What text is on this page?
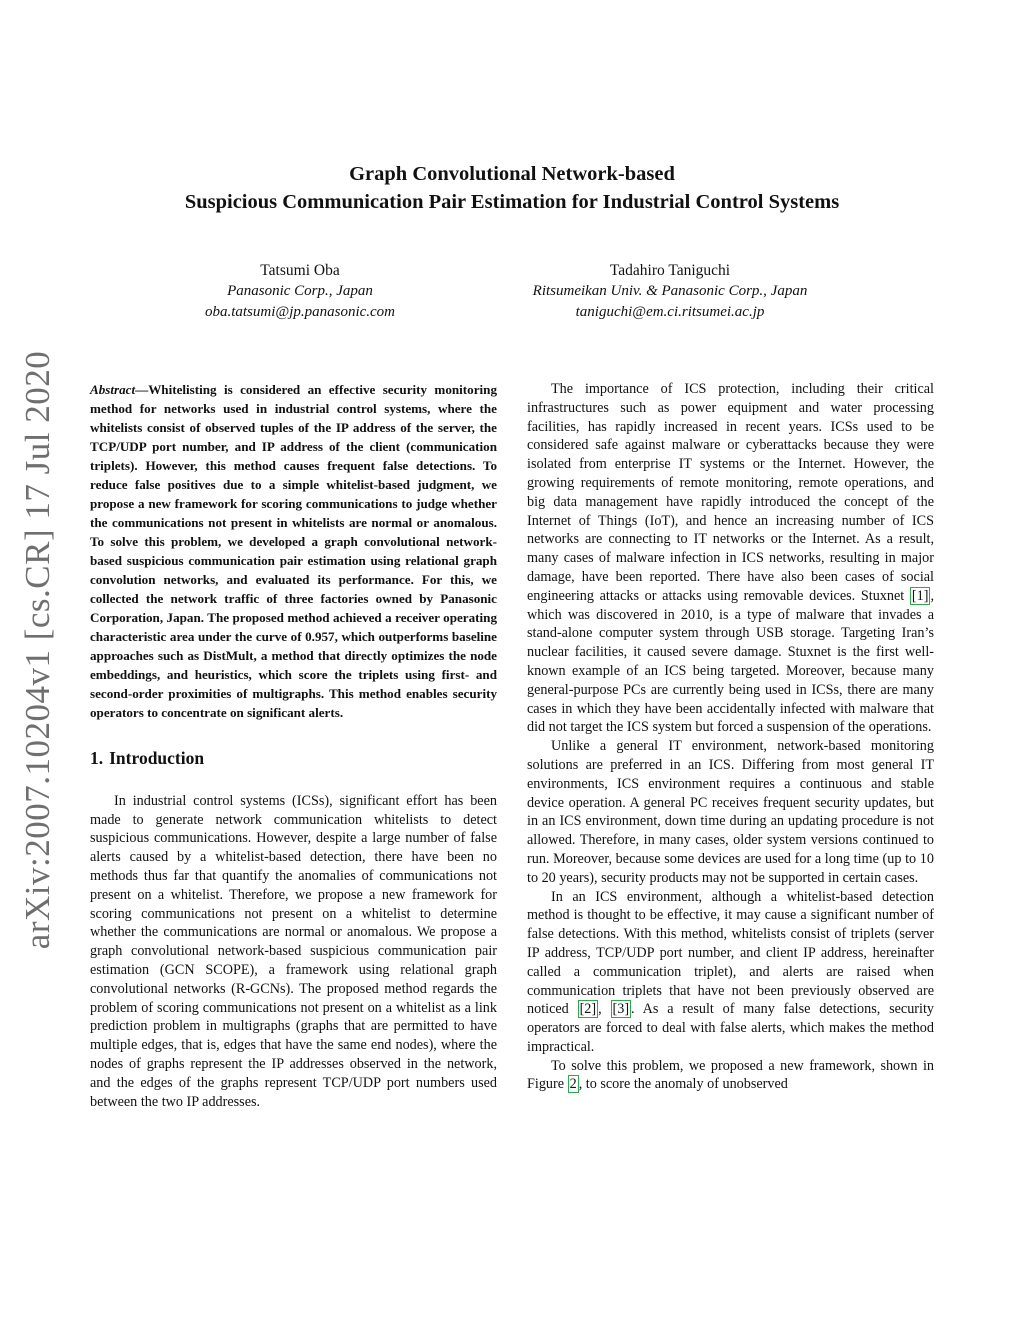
Graph Convolutional Network-based
Suspicious Communication Pair Estimation for Industrial Control Systems
Tatsumi Oba
Panasonic Corp., Japan
oba.tatsumi@jp.panasonic.com
Tadahiro Taniguchi
Ritsumeikan Univ. & Panasonic Corp., Japan
taniguchi@em.ci.ritsumei.ac.jp
arXiv:2007.10204v1 [cs.CR] 17 Jul 2020	Abstract—Whitelisting is considered an effective security monitoring method for networks used in industrial control systems, where the whitelists consist of observed tuples of the IP address of the server, the TCP/UDP port number, and IP address of the client (communication triplets). However, this method causes frequent false detections. To reduce false positives due to a simple whitelist-based judgment, we propose a new framework for scoring communications to judge whether the communications not present in whitelists are normal or anomalous. To solve this problem, we developed a graph convolutional network-based suspicious communication pair estimation using relational graph convolution networks, and evaluated its performance. For this, we collected the network traffic of three factories owned by Panasonic Corporation, Japan. The proposed method achieved a receiver operating characteristic area under the curve of 0.957, which outperforms baseline approaches such as DistMult, a method that directly optimizes the node embeddings, and heuristics, which score the triplets using first- and second-order proximities of multigraphs. This method enables security operators to concentrate on significant alerts.

1. Introduction

In industrial control systems (ICSs), significant effort has been made to generate network communication whitelists to detect suspicious communications. However, despite a large number of false alerts caused by a whitelist-based detection, there have been no methods thus far that quantify the anomalies of communications not present on a whitelist. Therefore, we propose a new framework for scoring communications not present on a whitelist to determine whether the communications are normal or anomalous. We propose a graph convolutional network-based suspicious communication pair estimation (GCN SCOPE), a framework using relational graph convolutional networks (R-GCNs). The proposed method regards the problem of scoring communications not present on a whitelist as a link prediction problem in multigraphs (graphs that are permitted to have multiple edges, that is, edges that have the same end nodes), where the nodes of graphs represent the IP addresses observed in the network, and the edges of the graphs represent TCP/UDP port numbers used between the two IP addresses.

The importance of ICS protection, including their critical infrastructures such as power equipment and water processing facilities, has rapidly increased in recent years. ICSs used to be considered safe against malware or cyberattacks because they were isolated from enterprise IT systems or the Internet. However, the growing requirements of remote monitoring, remote operations, and big data management have rapidly introduced the concept of the Internet of Things (IoT), and hence an increasing number of ICS networks are connecting to IT networks or the Internet. As a result, many cases of malware infection in ICS networks, resulting in major damage, have been reported. There have also been cases of social engineering attacks or attacks using removable devices. Stuxnet [1] , which was discovered in 2010, is a type of malware that invades a stand-alone computer system through USB storage. Targeting Iran’s nuclear facilities, it caused severe damage. Stuxnet is the first well-known example of an ICS being targeted. Moreover, because many general-purpose PCs are currently being used in ICSs, there are many cases in which they have been accidentally infected with malware that did not target the ICS system but forced a suspension of the operations.

Unlike a general IT environment, network-based monitoring solutions are preferred in an ICS. Differing from most general IT environments, ICS environment requires a continuous and stable device operation. A general PC receives frequent security updates, but in an ICS environment, down time during an updating procedure is not allowed. Therefore, in many cases, older system versions continued to run. Moreover, because some devices are used for a long time (up to 10 to 20 years), security products may not be supported in certain cases.

In an ICS environment, although a whitelist-based detection method is thought to be effective, it may cause a significant number of false detections. With this method, whitelists consist of triplets (server IP address, TCP/UDP port number, and client IP address, hereinafter called a communication triplet), and alerts are raised when communication triplets that have not been previously observed are noticed [2] , [3] . As a result of many false detections, security operators are forced to deal with false alerts, which makes the method impractical.

To solve this problem, we proposed a new framework, shown in Figure 2 , to score the anomaly of unobserved
